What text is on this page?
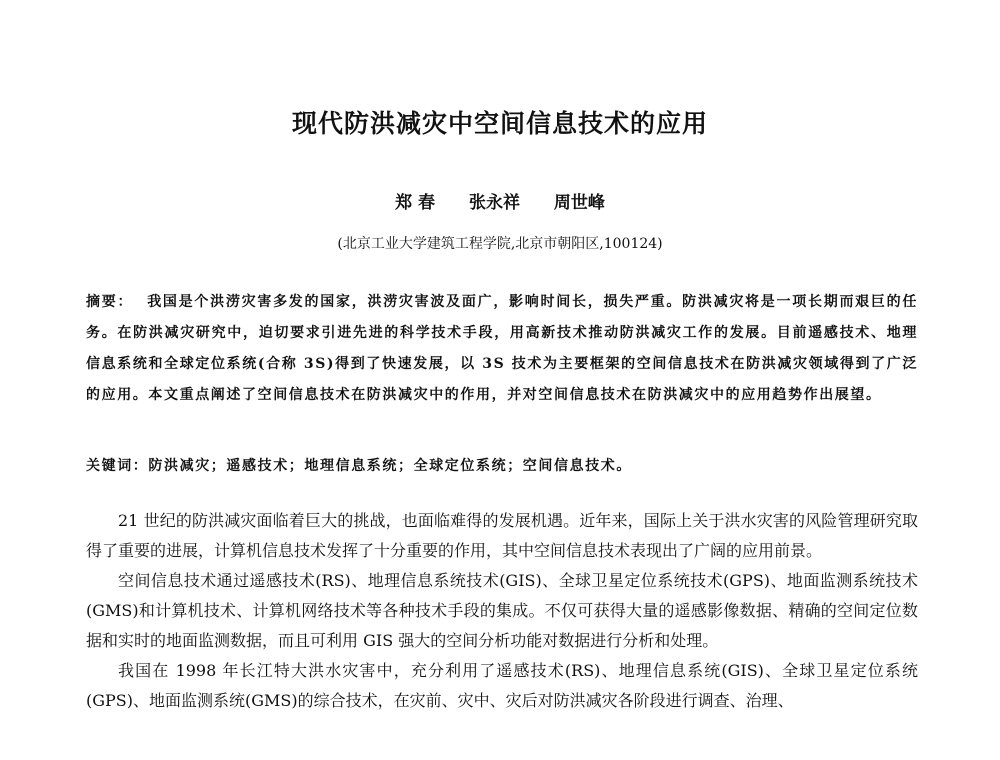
现代防洪减灾中空间信息技术的应用
郑 春 张永祥 周世峰
(北京工业大学建筑工程学院,北京市朝阳区,100124)

摘要： 我国是个洪涝灾害多发的国家，洪涝灾害波及面广，影响时间长，损失严重。防洪减灾将是一项长期而艰巨的任务。在防洪减灾研究中，迫切要求引进先进的科学技术手段，用高新技术推动防洪减灾工作的发展。目前遥感技术、地理信息系统和全球定位系统(合称 3S)得到了快速发展，以 3S 技术为主要框架的空间信息技术在防洪减灾领域得到了广泛的应用。本文重点阐述了空间信息技术在防洪减灾中的作用，并对空间信息技术在防洪减灾中的应用趋势作出展望。

关键词：防洪减灾；遥感技术；地理信息系统；全球定位系统；空间信息技术。

21 世纪的防洪减灾面临着巨大的挑战，也面临难得的发展机遇。近年来，国际上关于洪水灾害的风险管理研究取得了重要的进展，计算机信息技术发挥了十分重要的作用，其中空间信息技术表现出了广阔的应用前景。

空间信息技术通过遥感技术(RS)、地理信息系统技术(GIS)、全球卫星定位系统技术(GPS)、地面监测系统技术(GMS)和计算机技术、计算机网络技术等各种技术手段的集成。不仅可获得大量的遥感影像数据、精确的空间定位数据和实时的地面监测数据，而且可利用 GIS 强大的空间分析功能对数据进行分析和处理。

我国在 1998 年长江特大洪水灾害中，充分利用了遥感技术(RS)、地理信息系统(GIS)、全球卫星定位系统(GPS)、地面监测系统(GMS)的综合技术，在灾前、灾中、灾后对防洪减灾各阶段进行调查、治理、
